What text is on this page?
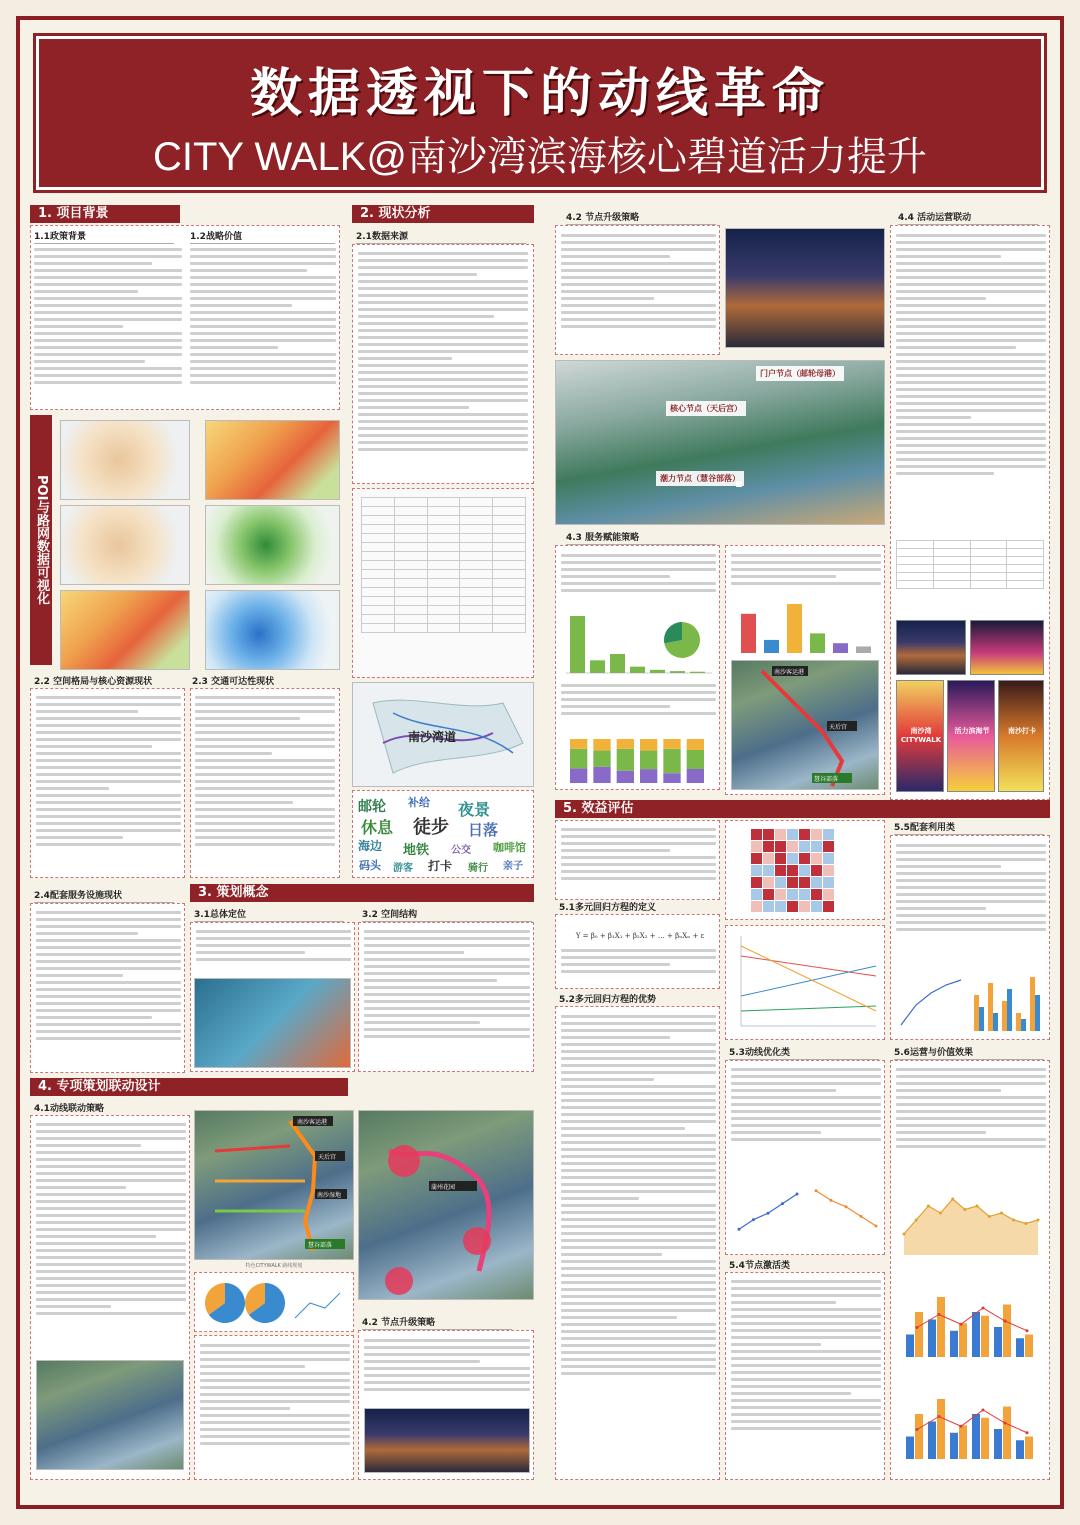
数据透视下的动线革命
CITY WALK@南沙湾滨海核心碧道活力提升
1. 项目背景
1.1政策背景	1.2战略价值
POI与路网数据可视化
2.2 空间格局与核心资源现状	2.3 交通可达性现状
2.4配套服务设施现状
2. 现状分析
2.1数据来源

南沙湾道
邮轮 补给 夜景
休息 徒步 日落
海边 地铁 公交 咖啡馆
码头 游客 打卡 骑行 亲子
3. 策划概念
3.1总体定位	3.2 空间结构
4. 专项策划联动设计
4.1动线联动策略
南沙客运港
天后宫
南沙湿地
慧谷部落
特色CITYWALK 路线规划
蒲州花园
4.2 节点升级策略
4.2 节点升级策略
门户节点（邮轮母港）
核心节点（天后宫）
潮力节点（慧谷部落）
4.3 服务赋能策略
南沙客运港
天后宫
慧谷部落
4.4 活动运营联动

南沙湾CITYWALK
活力滨海节	南沙打卡
5. 效益评估
5.1多元回归方程的定义
Y = β₀ + β₁X₁ + β₂X₂ + … + βₙXₙ + ε
5.2多元回归方程的优势
5.3动线优化类
5.4节点激活类
5.5配套利用类
5.6运营与价值效果
